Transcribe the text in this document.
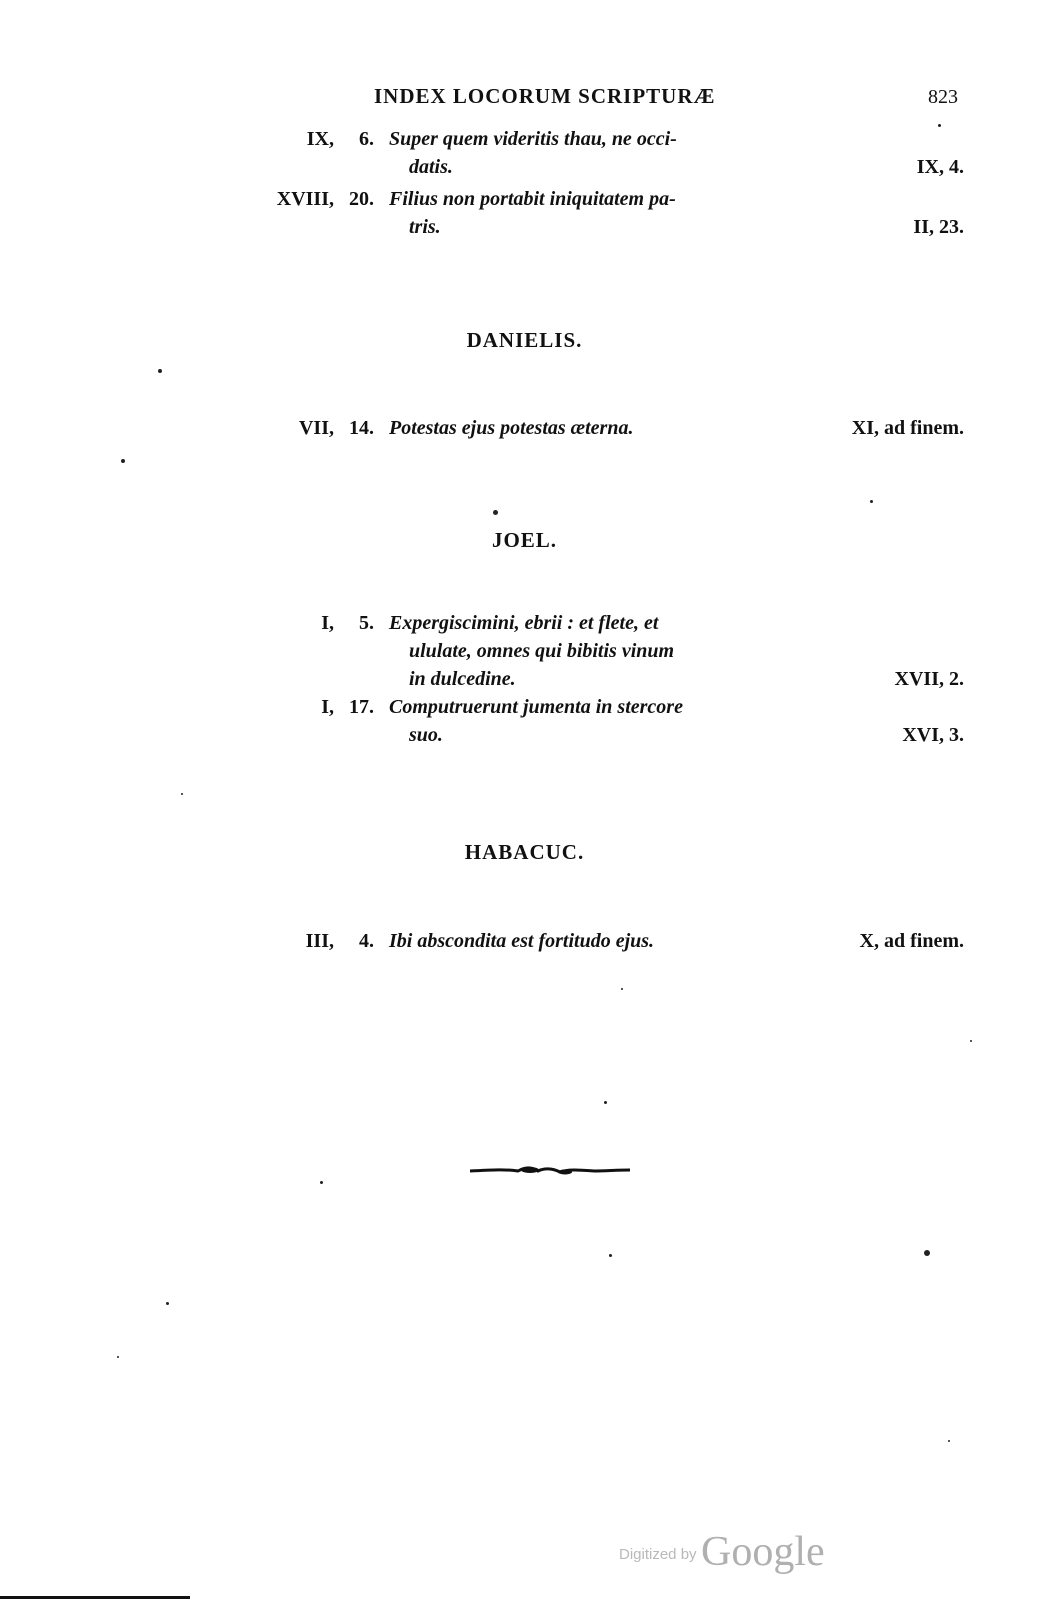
INDEX LOCORUM SCRIPTURÆ	823
IX,	6. Super quem videritis thau, ne occi-
datis.	IX, 4.
XVIII, 20. Filius non portabit iniquitatem pa-
tris.	II, 23.
DANIELIS.
VII, 14. Potestas ejus potestas æterna.	XI, ad finem.
JOEL.
I,	5. Expergiscimini, ebrii : et flete, et
ululate, omnes qui bibitis vinum
in dulcedine.	XVII, 2.
I, 17. Computruerunt jumenta in stercore
suo.	XVI, 3.
HABACUC.
III,	4. Ibi abscondita est fortitudo ejus.	X, ad finem.
Digitized by Google
